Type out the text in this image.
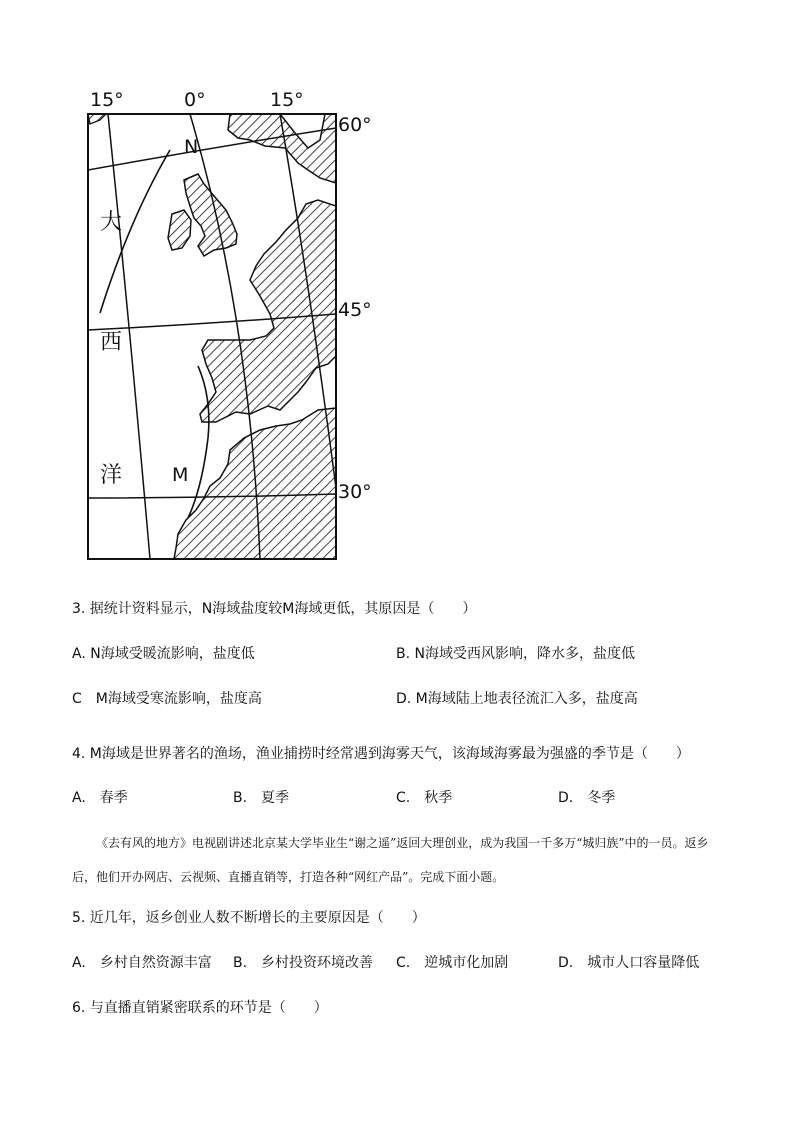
15°	0°	15°
60°
45°
30°
大
西
洋
N
M
3. 据统计资料显示，N海域盐度较M海域更低，其原因是（　　）
A. N海域受暖流影响，盐度低	B. N海域受西风影响，降水多，盐度低
C　M海域受寒流影响，盐度高	D. M海域陆上地表径流汇入多，盐度高
4. M海域是世界著名的渔场，渔业捕捞时经常遇到海雾天气，该海域海雾最为强盛的季节是（　　）
A.　春季	B.　夏季	C.　秋季	D.　冬季
《去有风的地方》电视剧讲述北京某大学毕业生“谢之遥”返回大理创业，成为我国一千多万“城归族”中的一员。返乡后，他们开办网店、云视频、直播直销等，打造各种“网红产品”。完成下面小题。
5. 近几年，返乡创业人数不断增长的主要原因是（　　）
A.　乡村自然资源丰富 B.　乡村投资环境改善 C.　逆城市化加剧	D.　城市人口容量降低
6. 与直播直销紧密联系的环节是（　　）
